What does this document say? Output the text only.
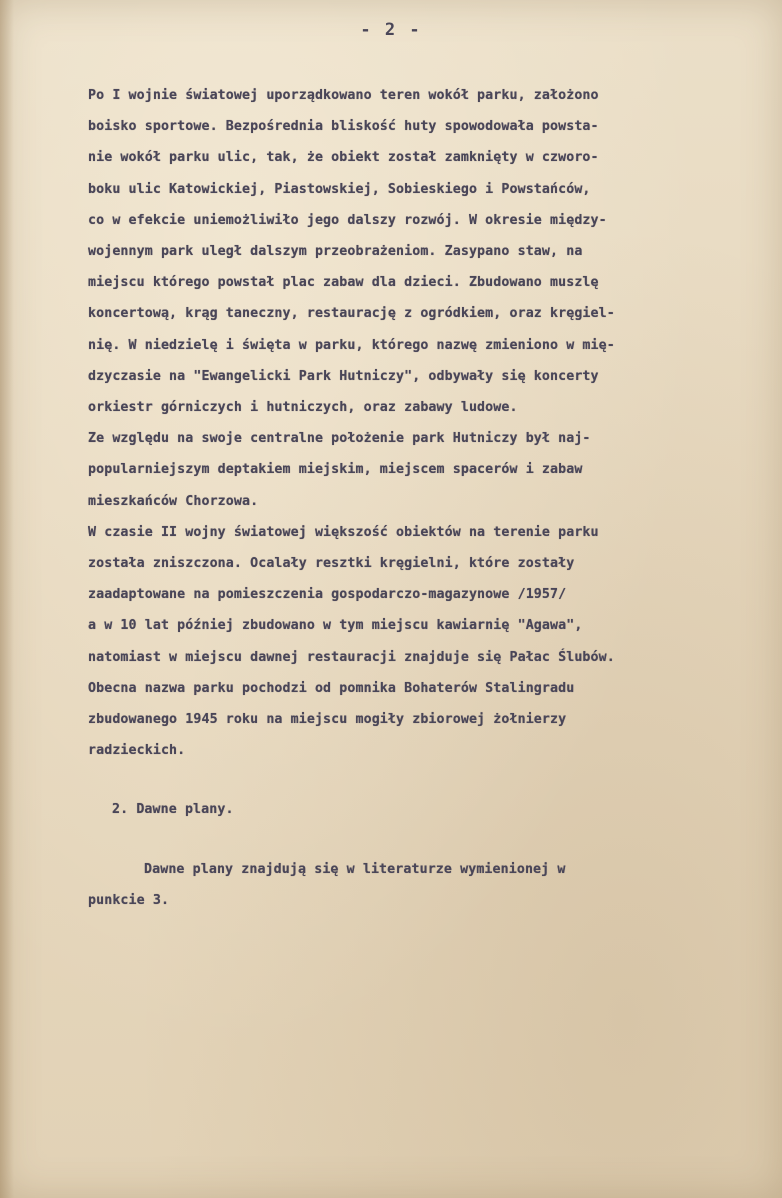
- 2 -
Po I wojnie światowej uporządkowano teren wokół parku, założono
boisko sportowe. Bezpośrednia bliskość huty spowodowała powsta-
nie wokół parku ulic, tak, że obiekt został zamknięty w czworo-
boku ulic Katowickiej, Piastowskiej, Sobieskiego i Powstańców,
co w efekcie uniemożliwiło jego dalszy rozwój. W okresie między-
wojennym park uległ dalszym przeobrażeniom. Zasypano staw, na
miejscu którego powstał plac zabaw dla dzieci. Zbudowano muszlę
koncertową, krąg taneczny, restaurację z ogródkiem, oraz kręgiel-
nię. W niedzielę i święta w parku, którego nazwę zmieniono w mię-
dzyczasie na "Ewangelicki Park Hutniczy", odbywały się koncerty
orkiestr górniczych i hutniczych, oraz zabawy ludowe.
Ze względu na swoje centralne położenie park Hutniczy był naj-
popularniejszym deptakiem miejskim, miejscem spacerów i zabaw
mieszkańców Chorzowa.
W czasie II wojny światowej większość obiektów na terenie parku
została zniszczona. Ocalały resztki kręgielni, które zostały
zaadaptowane na pomieszczenia gospodarczo-magazynowe /1957/
a w 10 lat później zbudowano w tym miejscu kawiarnię "Agawa",
natomiast w miejscu dawnej restauracji znajduje się Pałac Ślubów.
Obecna nazwa parku pochodzi od pomnika Bohaterów Stalingradu
zbudowanego 1945 roku na miejscu mogiły zbiorowej żołnierzy
radzieckich.
2. Dawne plany.
Dawne plany znajdują się w literaturze wymienionej w
punkcie 3.
